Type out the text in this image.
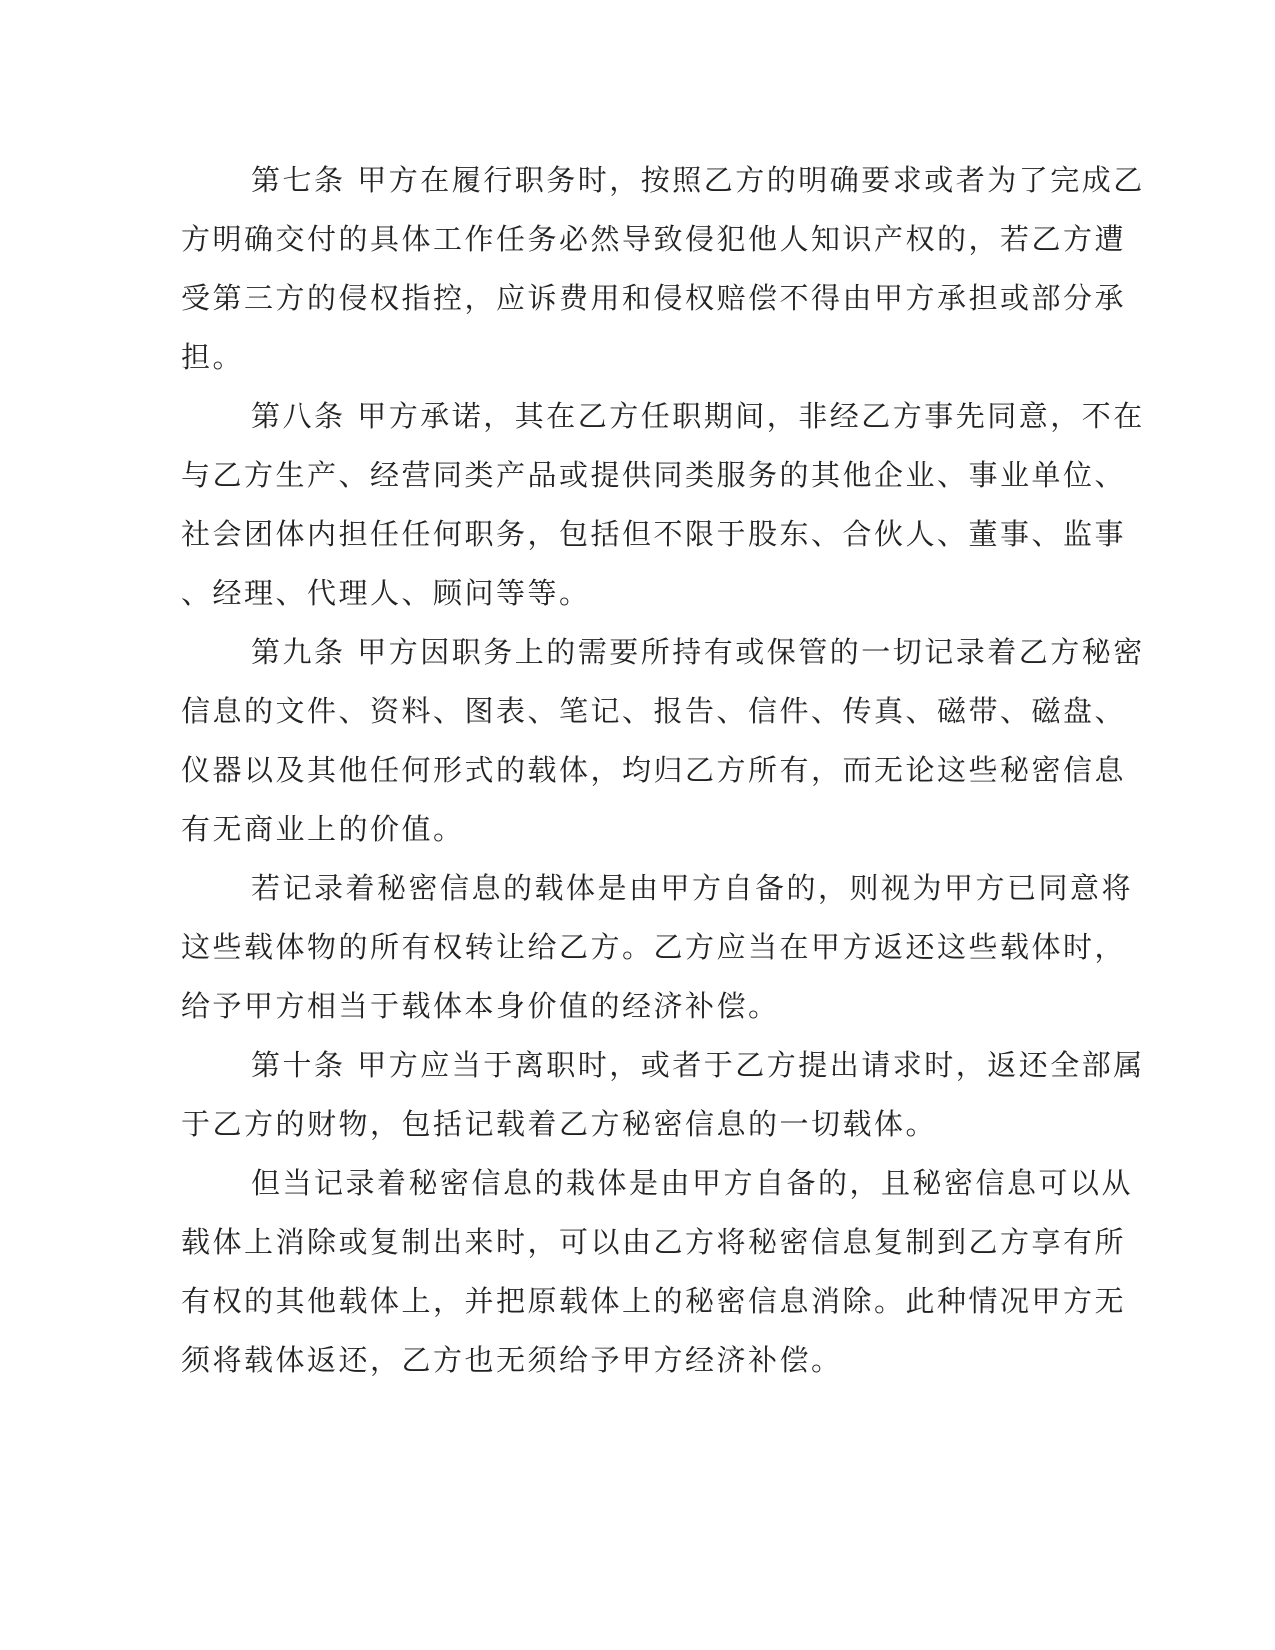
第七条 甲方在履行职务时，按照乙方的明确要求或者为了完成乙
方明确交付的具体工作任务必然导致侵犯他人知识产权的，若乙方遭
受第三方的侵权指控，应诉费用和侵权赔偿不得由甲方承担或部分承
担。
第八条 甲方承诺，其在乙方任职期间，非经乙方事先同意，不在
与乙方生产、经营同类产品或提供同类服务的其他企业、事业单位、
社会团体内担任任何职务，包括但不限于股东、合伙人、董事、监事
、经理、代理人、顾问等等。
第九条 甲方因职务上的需要所持有或保管的一切记录着乙方秘密
信息的文件、资料、图表、笔记、报告、信件、传真、磁带、磁盘、
仪器以及其他任何形式的载体，均归乙方所有，而无论这些秘密信息
有无商业上的价值。
若记录着秘密信息的载体是由甲方自备的，则视为甲方已同意将
这些载体物的所有权转让给乙方。乙方应当在甲方返还这些载体时，
给予甲方相当于载体本身价值的经济补偿。
第十条 甲方应当于离职时，或者于乙方提出请求时，返还全部属
于乙方的财物，包括记载着乙方秘密信息的一切载体。
但当记录着秘密信息的栽体是由甲方自备的，且秘密信息可以从
载体上消除或复制出来时，可以由乙方将秘密信息复制到乙方享有所
有权的其他载体上，并把原载体上的秘密信息消除。此种情况甲方无
须将载体返还，乙方也无须给予甲方经济补偿。
